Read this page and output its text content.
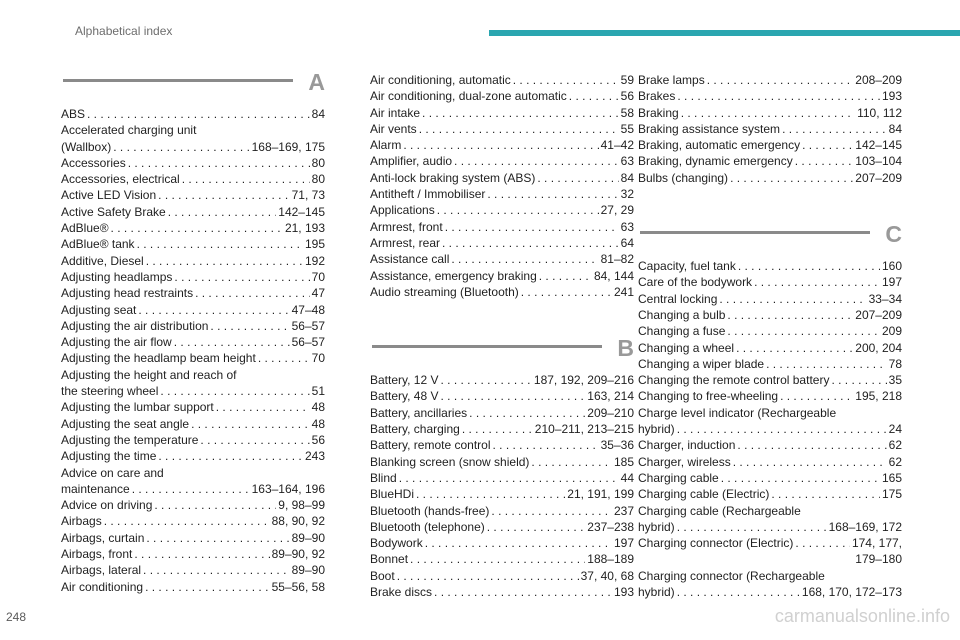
Alphabetical index
A
ABS . . .	84
Accelerated charging unit
(Wallbox) . . .	168–169, 175
Accessories . . .	80
Accessories, electrical . . .	80
Active LED Vision . . .	71, 73
Active Safety Brake . . .	142–145
AdBlue® . . .	21, 193
AdBlue® tank . . .	195
Additive, Diesel . . .	192
Adjusting headlamps . . .	70
Adjusting head restraints . . .	47
Adjusting seat . . .	47–48
Adjusting the air distribution . . .	56–57
Adjusting the air flow . . .	56–57
Adjusting the headlamp beam height . . .	70
Adjusting the height and reach of
the steering wheel . . .	51
Adjusting the lumbar support . . .	48
Adjusting the seat angle . . .	48
Adjusting the temperature . . .	56
Adjusting the time . . .	243
Advice on care and
maintenance . . .	163–164, 196
Advice on driving . . .	9, 98–99
Airbags . . .	88, 90, 92
Airbags, curtain . . .	89–90
Airbags, front . . .	89–90, 92
Airbags, lateral . . .	89–90
Air conditioning . . .	55–56, 58
Air conditioning, automatic . . .	59
Air conditioning, dual-zone automatic . . .	56
Air intake . . .	58
Air vents . . .	55
Alarm . . .	41–42
Amplifier, audio . . .	63
Anti-lock braking system (ABS) . . .	84
Antitheft / Immobiliser . . .	32
Applications . . .	27, 29
Armrest, front . . .	63
Armrest, rear . . .	64
Assistance call . . .	81–82
Assistance, emergency braking . . .	84, 144
Audio streaming (Bluetooth) . . .	241
B
Battery, 12 V . . .	187, 192, 209–216
Battery, 48 V . . .	163, 214
Battery, ancillaries . . .	209–210
Battery, charging . . .	210–211, 213–215
Battery, remote control . . .	35–36
Blanking screen (snow shield) . . .	185
Blind . . .	44
BlueHDi . . .	21, 191, 199
Bluetooth (hands-free) . . .	237
Bluetooth (telephone) . . .	237–238
Bodywork . . .	197
Bonnet . . .	188–189
Boot . . .	37, 40, 68
Brake discs . . .	193
Brake lamps . . .	208–209
Brakes . . .	193
Braking . . .	110, 112
Braking assistance system . . .	84
Braking, automatic emergency . . .	142–145
Braking, dynamic emergency . . .	103–104
Bulbs (changing) . . .	207–209
C
Capacity, fuel tank . . .	160
Care of the bodywork . . .	197
Central locking . . .	33–34
Changing a bulb . . .	207–209
Changing a fuse . . .	209
Changing a wheel . . .	200, 204
Changing a wiper blade . . .	78
Changing the remote control battery . . .	35
Changing to free-wheeling . . .	195, 218
Charge level indicator (Rechargeable
hybrid) . . .	24
Charger, induction . . .	62
Charger, wireless . . .	62
Charging cable . . .	165
Charging cable (Electric) . . .	175
Charging cable (Rechargeable
hybrid) . . .	168–169, 172
Charging connector (Electric) . . .	174, 177,
179–180
Charging connector (Rechargeable
hybrid) . . .	168, 170, 172–173
248	carmanualsonline.info
